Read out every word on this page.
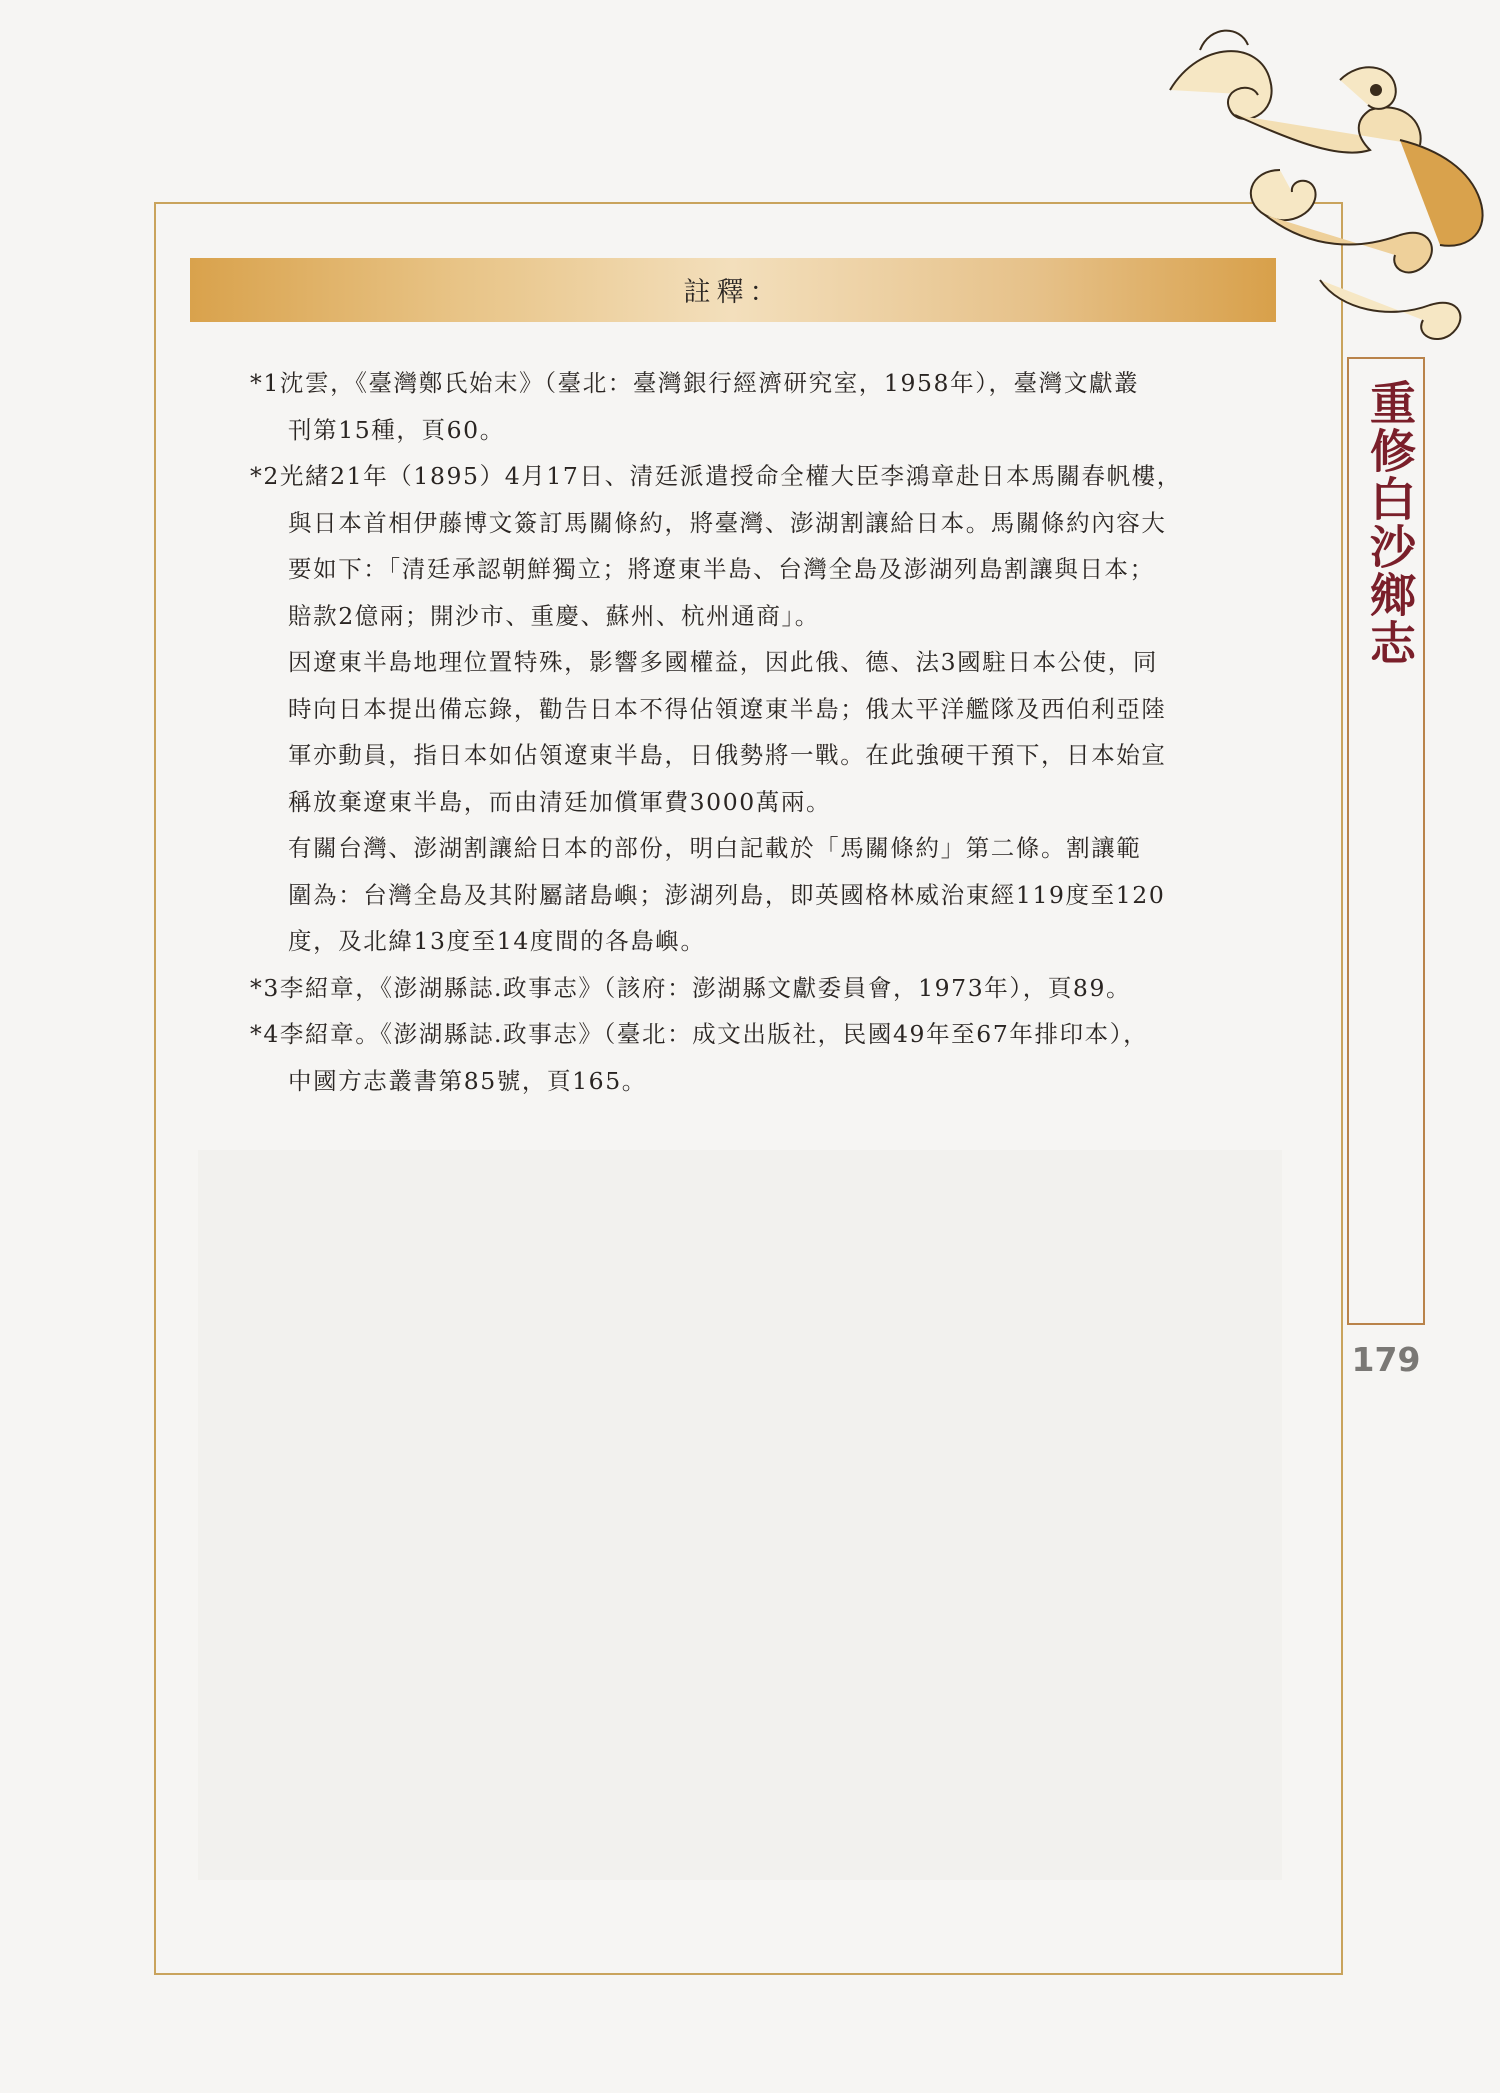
註釋：
*1沈雲，《臺灣鄭氏始末》（臺北：臺灣銀行經濟研究室，1958年），臺灣文獻叢
刊第15種，頁60。
*2光緒21年（1895）4月17日、清廷派遣授命全權大臣李鴻章赴日本馬關春帆樓，
與日本首相伊藤博文簽訂馬關條約，將臺灣、澎湖割讓給日本。馬關條約內容大
要如下：「清廷承認朝鮮獨立；將遼東半島、台灣全島及澎湖列島割讓與日本；
賠款2億兩；開沙市、重慶、蘇州、杭州通商」。
因遼東半島地理位置特殊，影響多國權益，因此俄、德、法3國駐日本公使，同
時向日本提出備忘錄，勸告日本不得佔領遼東半島；俄太平洋艦隊及西伯利亞陸
軍亦動員，指日本如佔領遼東半島，日俄勢將一戰。在此強硬干預下，日本始宣
稱放棄遼東半島，而由清廷加償軍費3000萬兩。
有關台灣、澎湖割讓給日本的部份，明白記載於「馬關條約」第二條。割讓範
圍為：台灣全島及其附屬諸島嶼；澎湖列島，即英國格林威治東經119度至120
度，及北緯13度至14度間的各島嶼。
*3李紹章，《澎湖縣誌.政事志》（該府：澎湖縣文獻委員會，1973年），頁89。
*4李紹章。《澎湖縣誌.政事志》（臺北：成文出版社，民國49年至67年排印本），
中國方志叢書第85號，頁165。
重修白沙鄉志
179
